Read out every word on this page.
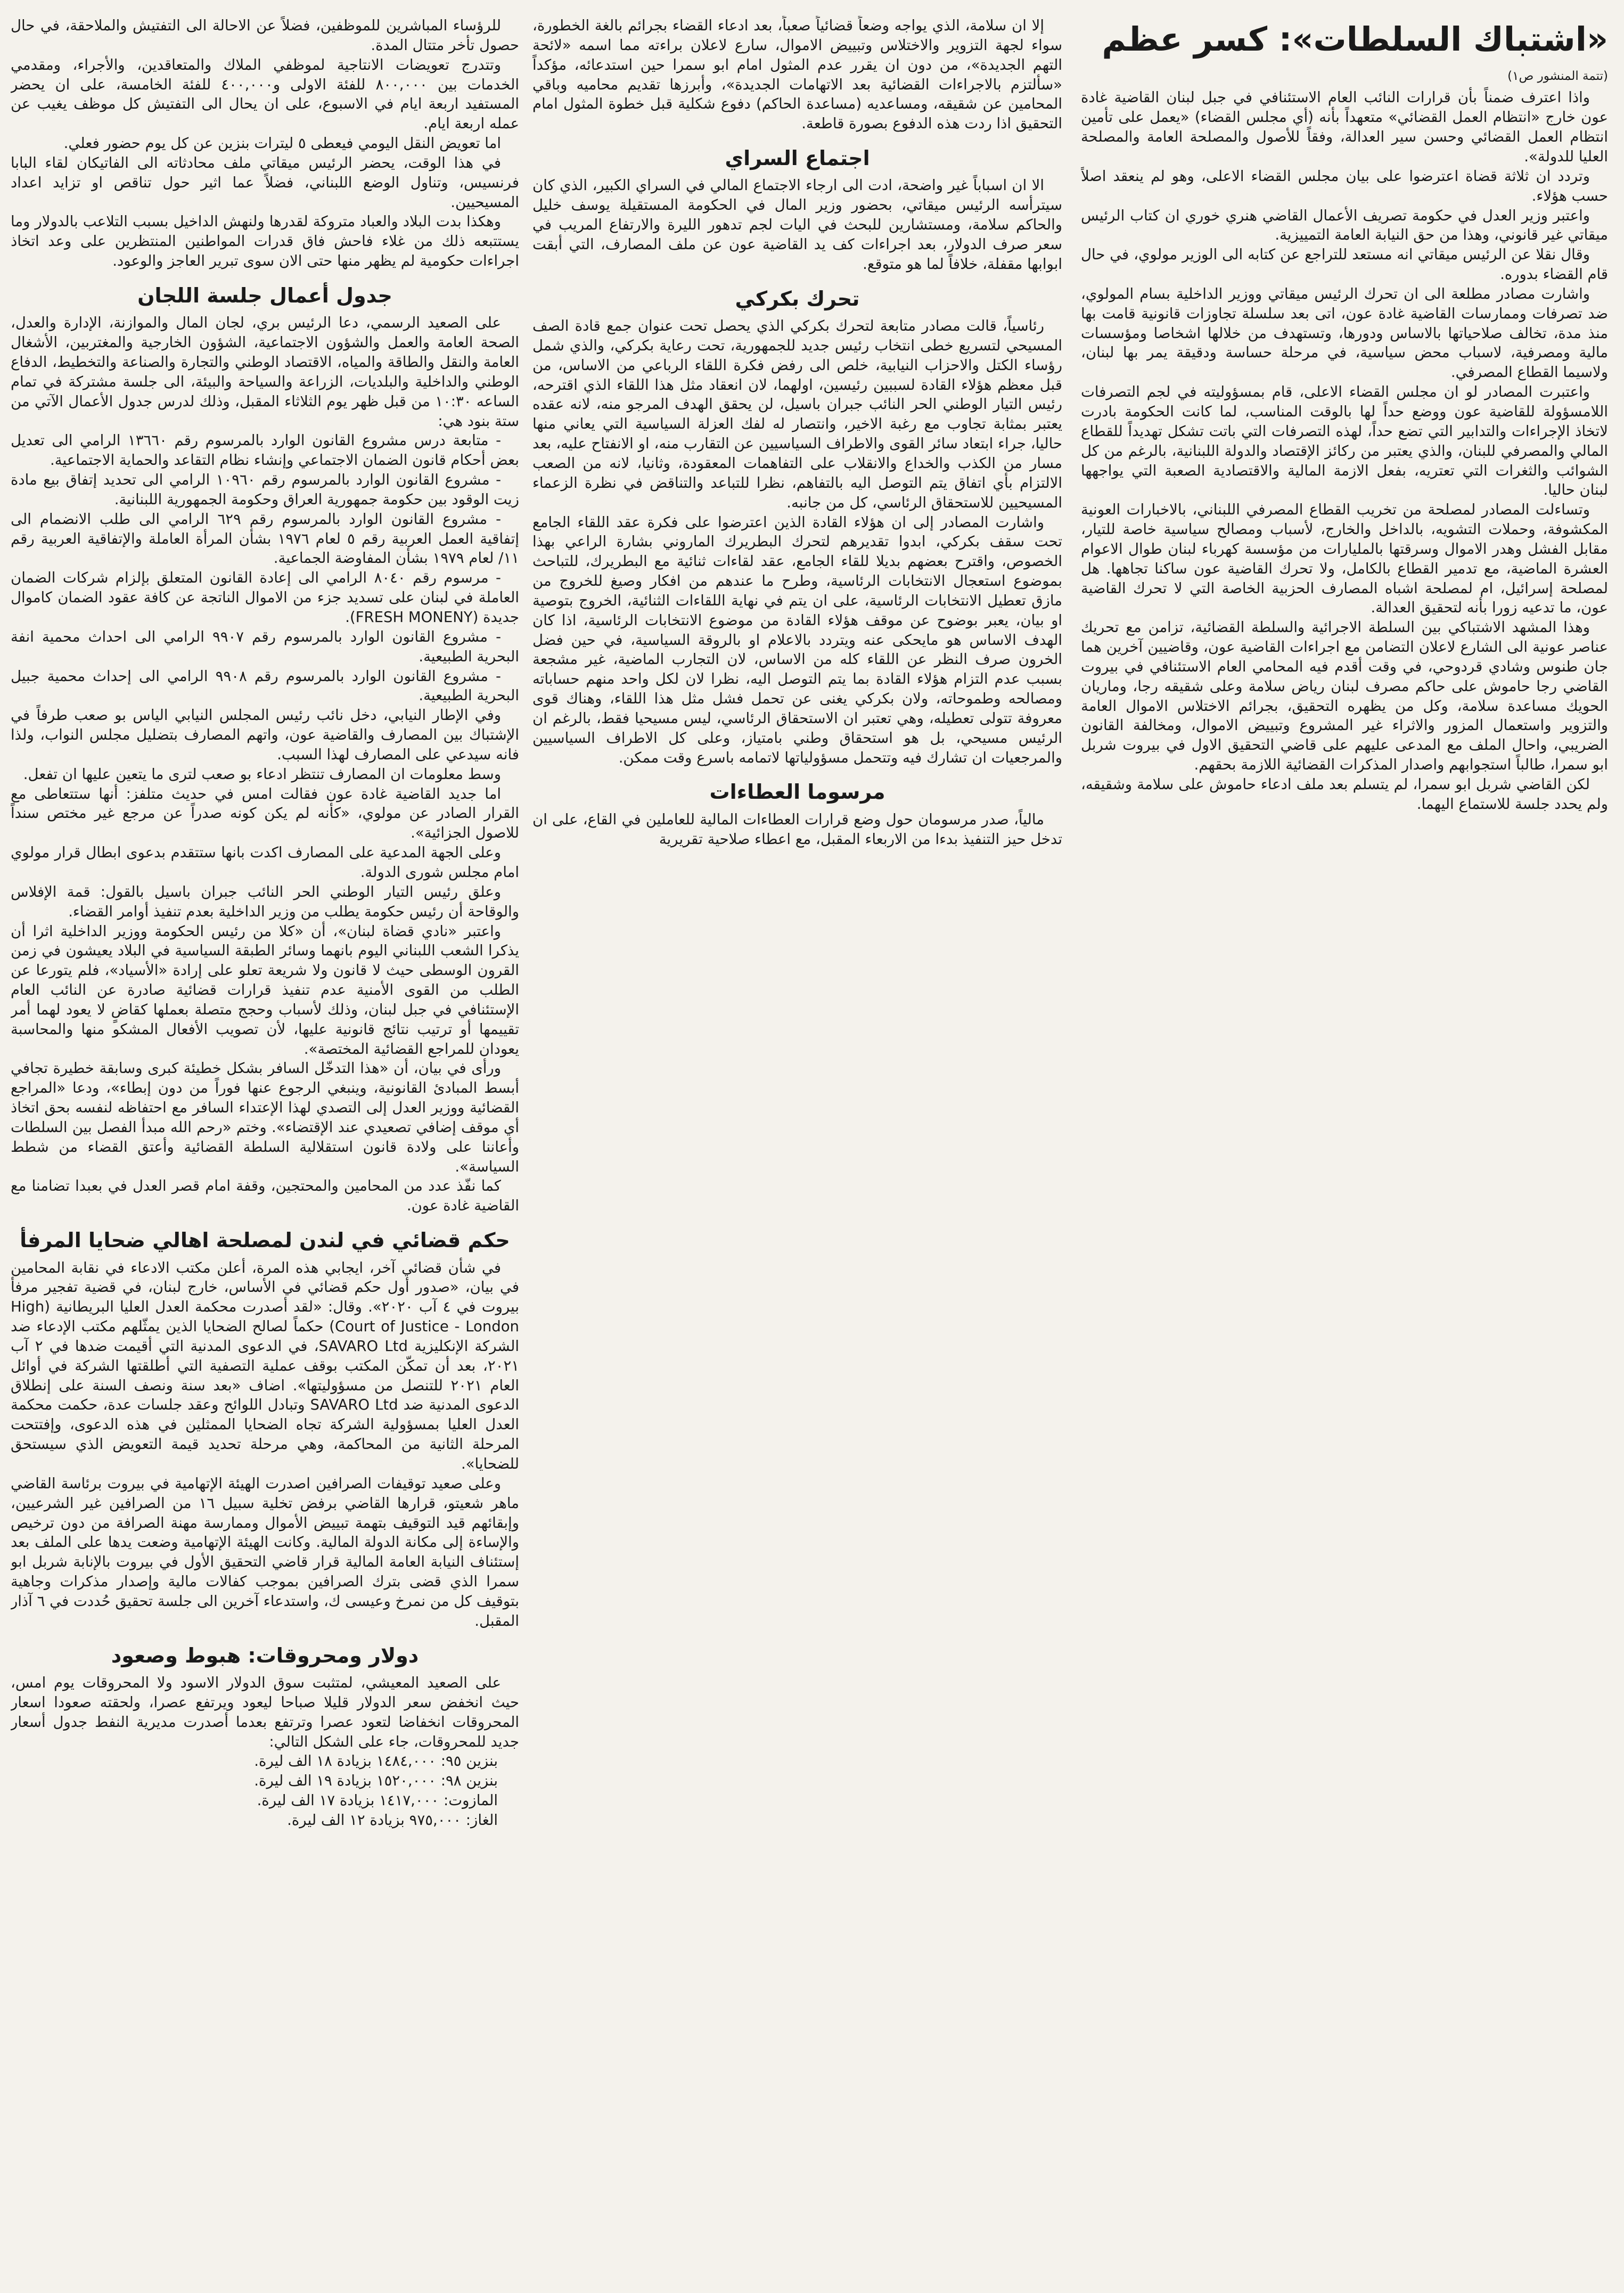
«اشتباك السلطات»: كسر عظم

(تتمة المنشور ص١)

واذا اعترف ضمناً بأن قرارات النائب العام الاستئنافي في جبل لبنان القاضية غادة عون خارج «انتظام العمل القضائي» متعهداً بأنه (أي مجلس القضاء) «يعمل على تأمين انتظام العمل القضائي وحسن سير العدالة، وفقاً للأصول والمصلحة العامة والمصلحة العليا للدولة».

وتردد ان ثلاثة قضاة اعترضوا على بيان مجلس القضاء الاعلى، وهو لم ينعقد اصلاً حسب هؤلاء.

واعتبر وزير العدل في حكومة تصريف الأعمال القاضي هنري خوري ان كتاب الرئيس ميقاتي غير قانوني، وهذا من حق النيابة العامة التمييزية.

وقال نقلا عن الرئيس ميقاتي انه مستعد للتراجع عن كتابه الى الوزير مولوي، في حال قام القضاء بدوره.

واشارت مصادر مطلعة الى ان تحرك الرئيس ميقاتي ووزير الداخلية بسام المولوي، ضد تصرفات وممارسات القاضية غادة عون، اتى بعد سلسلة تجاوزات قانونية قامت بها منذ مدة، تخالف صلاحياتها بالاساس ودورها، وتستهدف من خلالها اشخاصا ومؤسسات مالية ومصرفية، لاسباب محض سياسية، في مرحلة حساسة ودقيقة يمر بها لبنان، ولاسيما القطاع المصرفي.

واعتبرت المصادر لو ان مجلس القضاء الاعلى، قام بمسؤوليته في لجم التصرفات اللامسؤولة للقاضية عون ووضع حداً لها بالوقت المناسب، لما كانت الحكومة بادرت لاتخاذ الإجراءات والتدابير التي تضع حداً، لهذه التصرفات التي باتت تشكل تهديداً للقطاع المالي والمصرفي للبنان، والذي يعتبر من ركائز الإقتصاد والدولة اللبنانية، بالرغم من كل الشوائب والثغرات التي تعتريه، بفعل الازمة المالية والاقتصادية الصعبة التي يواجهها لبنان حاليا.

وتساءلت المصادر لمصلحة من تخريب القطاع المصرفي اللبناني، بالاخبارات العونية المكشوفة، وحملات التشويه، بالداخل والخارج، لأسباب ومصالح سياسية خاصة للتيار، مقابل الفشل وهدر الاموال وسرقتها بالمليارات من مؤسسة كهرباء لبنان طوال الاعوام العشرة الماضية، مع تدمير القطاع بالكامل، ولا تحرك القاضية عون ساكنا تجاهها. هل لمصلحة إسرائيل، ام لمصلحة اشباه المصارف الحزبية الخاصة التي لا تحرك القاضية عون، ما تدعيه زورا بأنه لتحقيق العدالة.

وهذا المشهد الاشتباكي بين السلطة الاجرائية والسلطة القضائية، تزامن مع تحريك عناصر عونية الى الشارع لاعلان التضامن مع اجراءات القاضية عون، وقاضيين آخرين هما جان طنوس وشادي قردوحي، في وقت أقدم فيه المحامي العام الاستئنافي في بيروت القاضي رجا حاموش على حاكم مصرف لبنان رياض سلامة وعلى شقيقه رجا، وماريان الحويك مساعدة سلامة، وكل من يظهره التحقيق، بجرائم الاختلاس الاموال العامة والتزوير واستعمال المزور والاثراء غير المشروع وتبييض الاموال، ومخالفة القانون الضريبي، واحال الملف مع المدعى عليهم على قاضي التحقيق الاول في بيروت شربل ابو سمرا، طالباً استجوابهم واصدار المذكرات القضائية اللازمة بحقهم.

لكن القاضي شربل ابو سمرا، لم يتسلم بعد ملف ادعاء حاموش على سلامة وشقيقه، ولم يحدد جلسة للاستماع اليهما.

إلا ان سلامة، الذي يواجه وضعاً قضائياً صعباً، بعد ادعاء القضاء بجرائم بالغة الخطورة، سواء لجهة التزوير والاختلاس وتبييض الاموال، سارع لاعلان براءته مما اسمه «لائحة التهم الجديدة»، من دون ان يقرر عدم المثول امام ابو سمرا حين استدعائه، مؤكداً «سألتزم بالاجراءات القضائية بعد الاتهامات الجديدة»، وأبرزها تقديم محاميه وباقي المحامين عن شقيقه، ومساعديه (مساعدة الحاكم) دفوع شكلية قبل خطوة المثول امام التحقيق اذا ردت هذه الدفوع بصورة قاطعة.

اجتماع السراي

الا ان اسباباً غير واضحة، ادت الى ارجاء الاجتماع المالي في السراي الكبير، الذي كان سيترأسه الرئيس ميقاتي، بحضور وزير المال في الحكومة المستقيلة يوسف خليل والحاكم سلامة، ومستشارين للبحث في اليات لجم تدهور الليرة والارتفاع المريب في سعر صرف الدولار، بعد اجراءات كف يد القاضية عون عن ملف المصارف، التي أبقت ابوابها مقفلة، خلافاً لما هو متوقع.

تحرك بكركي

رئاسياً، قالت مصادر متابعة لتحرك بكركي الذي يحصل تحت عنوان جمع قادة الصف المسيحي لتسريع خطى انتخاب رئيس جديد للجمهورية، تحت رعاية بكركي، والذي شمل رؤساء الكتل والاحزاب النيابية، خلص الى رفض فكرة اللقاء الرباعي من الاساس، من قبل معظم هؤلاء القادة لسببين رئيسين، اولهما، لان انعقاد مثل هذا اللقاء الذي اقترحه، رئيس التيار الوطني الحر النائب جبران باسيل، لن يحقق الهدف المرجو منه، لانه عقده يعتبر بمثابة تجاوب مع رغبة الاخير، وانتصار له لفك العزلة السياسية التي يعاني منها حاليا، جراء ابتعاد سائر القوى والاطراف السياسيين عن التقارب منه، او الانفتاح عليه، بعد مسار من الكذب والخداع والانقلاب على التفاهمات المعقودة، وثانيا، لانه من الصعب الالتزام بأي اتفاق يتم التوصل اليه بالتفاهم، نظرا للتباعد والتناقض في نظرة الزعماء المسيحيين للاستحقاق الرئاسي، كل من جانبه.

واشارت المصادر إلى ان هؤلاء القادة الذين اعترضوا على فكرة عقد اللقاء الجامع تحت سقف بكركي، ابدوا تقديرهم لتحرك البطريرك الماروني بشارة الراعي بهذا الخصوص، واقترح بعضهم بديلا للقاء الجامع، عقد لقاءات ثنائية مع البطريرك، للتباحث بموضوع استعجال الانتخابات الرئاسية، وطرح ما عندهم من افكار وصيغ للخروج من مازق تعطيل الانتخابات الرئاسية، على ان يتم في نهاية اللقاءات الثنائية، الخروج بتوصية او بيان، يعبر بوضوح عن موقف هؤلاء القادة من موضوع الانتخابات الرئاسية، اذا كان الهدف الاساس هو مايحكى عنه ويتردد بالاعلام او بالروقة السياسية، في حين فضل الخرون صرف النظر عن اللقاء كله من الاساس، لان التجارب الماضية، غير مشجعة بسبب عدم التزام هؤلاء القادة بما يتم التوصل اليه، نظرا لان لكل واحد منهم حساباته ومصالحه وطموحاته، ولان بكركي يغنى عن تحمل فشل مثل هذا اللقاء، وهناك قوى معروفة تتولى تعطيله، وهي تعتبر ان الاستحقاق الرئاسي، ليس مسيحيا فقط، بالرغم ان الرئيس مسيحي، بل هو استحقاق وطني بامتياز، وعلى كل الاطراف السياسيين والمرجعيات ان تشارك فيه وتتحمل مسؤولياتها لاتمامه باسرع وقت ممكن.

مرسوما العطاءات

مالياً، صدر مرسومان حول وضع قرارات العطاءات المالية للعاملين في القاع، على ان تدخل حيز التنفيذ بدءا من الاربعاء المقبل، مع اعطاء صلاحية تقريرية

للرؤساء المباشرين للموظفين، فضلاً عن الاحالة الى التفتيش والملاحقة، في حال حصول تأخر متتال المدة.

وتتدرج تعويضات الانتاجية لموظفي الملاك والمتعاقدين، والأجراء، ومقدمي الخدمات بين ٨٠٠,٠٠٠ للفئة الاولى و٤٠٠,٠٠٠ للفئة الخامسة، على ان يحضر المستفيد اربعة ايام في الاسبوع، على ان يحال الى التفتيش كل موظف يغيب عن عمله اربعة ايام.

اما تعويض النقل اليومي فيعطى ٥ ليترات بنزين عن كل يوم حضور فعلي.

في هذا الوقت، يحضر الرئيس ميقاتي ملف محادثاته الى الفاتيكان لقاء البابا فرنسيس، وتناول الوضع اللبناني، فضلاً عما اثير حول تناقص او تزايد اعداد المسيحيين.

وهكذا بدت البلاد والعباد متروكة لقدرها ولنهش الداخيل بسبب التلاعب بالدولار وما يستتبعه ذلك من غلاء فاحش فاق قدرات المواطنين المنتظرين على وعد اتخاذ اجراءات حكومية لم يظهر منها حتى الان سوى تبرير العاجز والوعود.

جدول أعمال جلسة اللجان

على الصعيد الرسمي، دعا الرئيس بري، لجان المال والموازنة، الإدارة والعدل، الصحة العامة والعمل والشؤون الاجتماعية، الشؤون الخارجية والمغتربين، الأشغال العامة والنقل والطاقة والمياه، الاقتصاد الوطني والتجارة والصناعة والتخطيط، الدفاع الوطني والداخلية والبلديات، الزراعة والسياحة والبيئة، الى جلسة مشتركة في تمام الساعه ١٠:٣٠ من قبل ظهر يوم الثلاثاء المقبل، وذلك لدرس جدول الأعمال الآتي من ستة بنود هي:

- متابعة درس مشروع القانون الوارد بالمرسوم رقم ١٣٦٦٠ الرامي الى تعديل بعض أحكام قانون الضمان الاجتماعي وإنشاء نظام التقاعد والحماية الاجتماعية.
- مشروع القانون الوارد بالمرسوم رقم ١٠٩٦٠ الرامي الى تحديد إتفاق بيع مادة زيت الوقود بين حكومة جمهورية العراق وحكومة الجمهورية اللبنانية.
- مشروع القانون الوارد بالمرسوم رقم ٦٢٩ الرامي الى طلب الانضمام الى إتفاقية العمل العربية رقم ٥ لعام ١٩٧٦ بشأن المرأة العاملة والإتفاقية العربية رقم ١١/ لعام ١٩٧٩ بشأن المفاوضة الجماعية.
- مرسوم رقم ٨٠٤٠ الرامي الى إعادة القانون المتعلق بإلزام شركات الضمان العاملة في لبنان على تسديد جزء من الاموال الناتجة عن كافة عقود الضمان كاموال جديدة (FRESH MONENY).
- مشروع القانون الوارد بالمرسوم رقم ٩٩٠٧ الرامي الى احداث محمية انفة البحرية الطبيعية.
- مشروع القانون الوارد بالمرسوم رقم ٩٩٠٨ الرامي الى إحداث محمية جبيل البحرية الطبيعية.

وفي الإطار النيابي، دخل نائب رئيس المجلس النيابي الياس بو صعب طرفاً في الإشتباك بين المصارف والقاضية عون، واتهم المصارف بتضليل مجلس النواب، ولذا فانه سيدعي على المصارف لهذا السبب.

وسط معلومات ان المصارف تنتظر ادعاء بو صعب لترى ما يتعين عليها ان تفعل.

اما جديد القاضية غادة عون فقالت امس في حديث متلفز: أنها ستتعاطى مع القرار الصادر عن مولوي، «كأنه لم يكن كونه صدراً عن مرجع غير مختص سنداً للاصول الجزائية».

وعلى الجهة المدعية على المصارف اكدت بانها ستتقدم بدعوى ابطال قرار مولوي امام مجلس شورى الدولة.

وعلق رئيس التيار الوطني الحر النائب جبران باسيل بالقول: قمة الإفلاس والوقاحة أن رئيس حكومة يطلب من وزير الداخلية بعدم تنفيذ أوامر القضاء.

واعتبر «نادي قضاة لبنان»، أن «كلا من رئيس الحكومة ووزير الداخلية اثرا أن يذكرا الشعب اللبناني اليوم بانهما وسائر الطبقة السياسية في البلاد يعيشون في زمن القرون الوسطى حيث لا قانون ولا شريعة تعلو على إرادة «الأسياد»، فلم يتورعا عن الطلب من القوى الأمنية عدم تنفيذ قرارات قضائية صادرة عن النائب العام الإستئنافي في جبل لبنان، وذلك لأسباب وحجج متصلة بعملها كقاضٍ لا يعود لهما أمر تقييمها أو ترتيب نتائج قانونية عليها، لأن تصويب الأفعال المشكو منها والمحاسبة يعودان للمراجع القضائية المختصة».

ورأى في بيان، أن «هذا التدخّل السافر بشكل خطيئة كبرى وسابقة خطيرة تجافي أبسط المبادئ القانونية، وينبغي الرجوع عنها فوراً من دون إبطاء»، ودعا «المراجع القضائية ووزير العدل إلى التصدي لهذا الإعتداء السافر مع احتفاظه لنفسه بحق اتخاذ أي موقف إضافي تصعيدي عند الإقتضاء». وختم «رحم الله مبدأ الفصل بين السلطات وأعاننا على ولادة قانون استقلالية السلطة القضائية وأعتق القضاء من شطط السياسة».

كما نفّذ عدد من المحامين والمحتجين، وقفة امام قصر العدل في بعبدا تضامنا مع القاضية غادة عون.

حكم قضائي في لندن لمصلحة اهالي ضحايا المرفأ

في شأن قضائي آخر، ايجابي هذه المرة، أعلن مكتب الادعاء في نقابة المحامين في بيان، «صدور أول حكم قضائي في الأساس، خارج لبنان، في قضية تفجير مرفأ بيروت في ٤ آب ٢٠٢٠». وقال: «لقد أصدرت محكمة العدل العليا البريطانية (High Court of Justice - London) حكماً لصالح الضحايا الذين يمثّلهم مكتب الإدعاء ضد الشركة الإنكليزية SAVARO Ltd، في الدعوى المدنية التي أقيمت ضدها في ٢ آب ٢٠٢١، بعد أن تمكّن المكتب بوقف عملية التصفية التي أطلقتها الشركة في أوائل العام ٢٠٢١ للتنصل من مسؤوليتها». اضاف «بعد سنة ونصف السنة على إنطلاق الدعوى المدنية ضد SAVARO Ltd وتبادل اللوائح وعقد جلسات عدة، حكمت محكمة العدل العليا بمسؤولية الشركة تجاه الضحايا الممثلين في هذه الدعوى، وإفتتحت المرحلة الثانية من المحاكمة، وهي مرحلة تحديد قيمة التعويض الذي سيستحق للضحايا».

وعلى صعيد توقيفات الصرافين اصدرت الهيئة الإتهامية في بيروت برئاسة القاضي ماهر شعيتو، قرارها القاضي برفض تخلية سبيل ١٦ من الصرافين غير الشرعيين، وإبقائهم قيد التوقيف بتهمة تبييض الأموال وممارسة مهنة الصرافة من دون ترخيص والإساءة إلى مكانة الدولة المالية. وكانت الهيئة الإتهامية وضعت يدها على الملف بعد إستئناف النيابة العامة المالية قرار قاضي التحقيق الأول في بيروت بالإنابة شربل ابو سمرا الذي قضى بترك الصرافين بموجب كفالات مالية وإصدار مذكرات وجاهية بتوقيف كل من نمرخ وعيسى ك، واستدعاء آخرين الى جلسة تحقيق حُددت في ٦ آذار المقبل.

دولار ومحروقات: هبوط وصعود

على الصعيد المعيشي، لمتثبت سوق الدولار الاسود ولا المحروقات يوم امس، حيث انخفض سعر الدولار قليلا صباحا ليعود ويرتفع عصرا، ولحقته صعودا اسعار المحروقات انخفاضا لتعود عصرا وترتفع بعدما أصدرت مديرية النفط جدول أسعار جديد للمحروقات، جاء على الشكل التالي:

بنزين ٩٥: ١٤٨٤,٠٠٠ بزيادة ١٨ الف ليرة.
بنزين ٩٨: ١٥٢٠,٠٠٠ بزيادة ١٩ الف ليرة.
المازوت: ١٤١٧,٠٠٠ بزيادة ١٧ الف ليرة.
الغاز: ٩٧٥,٠٠٠ بزيادة ١٢ الف ليرة.
